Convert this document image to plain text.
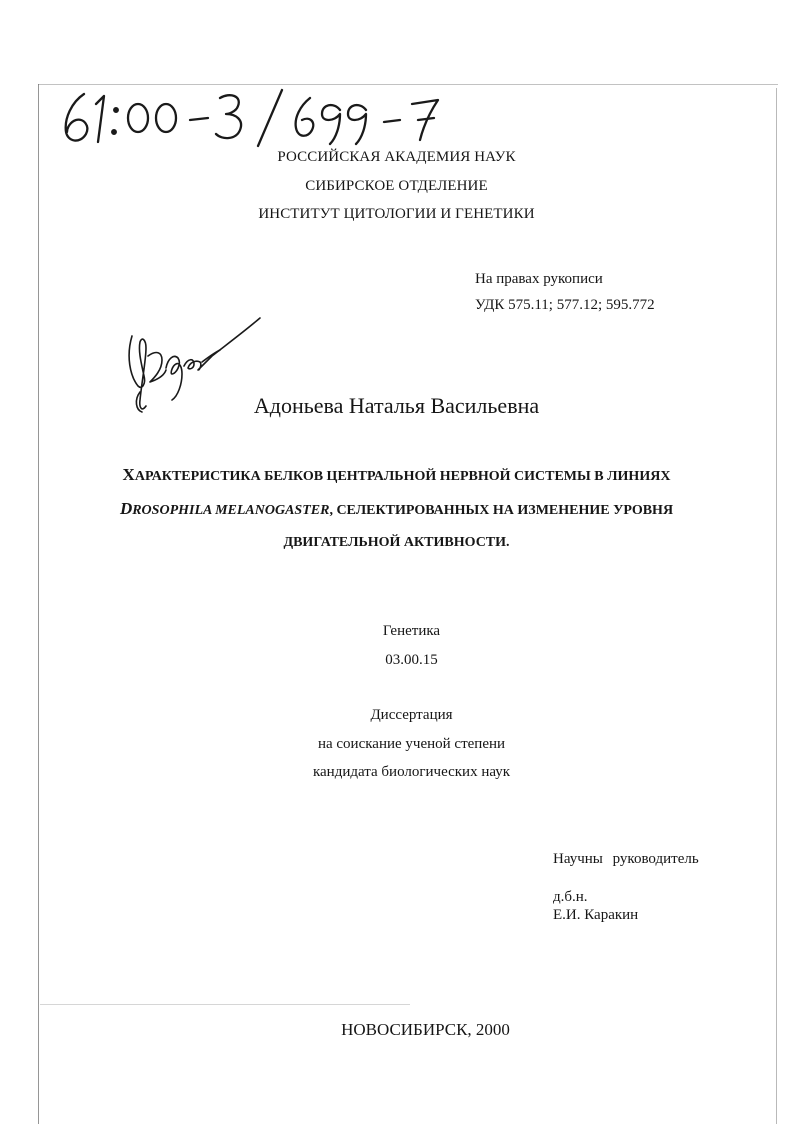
РОССИЙСКАЯ АКАДЕМИЯ НАУК
СИБИРСКОЕ ОТДЕЛЕНИЕ
ИНСТИТУТ ЦИТОЛОГИИ И ГЕНЕТИКИ
На правах рукописи
УДК 575.11; 577.12; 595.772
Адоньева Наталья Васильевна
ХАРАКТЕРИСТИКА БЕЛКОВ ЦЕНТРАЛЬНОЙ НЕРВНОЙ СИСТЕМЫ В ЛИНИЯХ
DROSOPHILA MELANOGASTER, СЕЛЕКТИРОВАННЫХ НА ИЗМЕНЕНИЕ УРОВНЯ
ДВИГАТЕЛЬНОЙ АКТИВНОСТИ.
Генетика
03.00.15
Диссертация
на соискание ученой степени
кандидата биологических наук
Научны руководитель
д.б.н.
Е.И. Каракин
НОВОСИБИРСК, 2000
